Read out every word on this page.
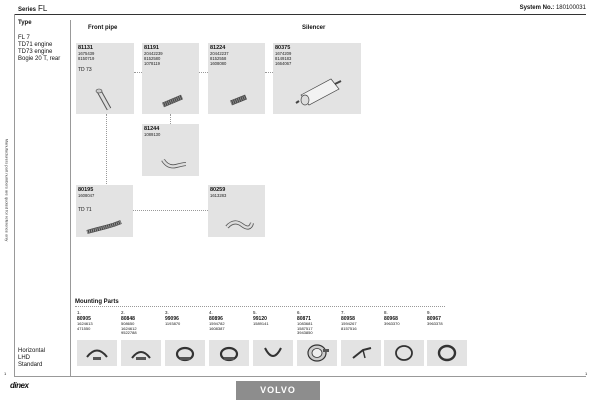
Series FL	System No.: 180100031
Manufacturers part numbers are quoted for reference only
Type
FL 7
TD71 engine
TD73 engine
Bogie 20 T, rear
Horizontal
LHD
Standard
Front pipe	Silencer
81131
1675439
8150719
TD 73
81191
20442239
8152580
1078119
81224
20442237
8152558
1608080
80375
1674209
8149183
1664067
81244
1089130
80195
1608047
TD 71
80259
1613283
Mounting Parts
1.
80905
1624613
471550
2.
80848
508650
1624612
9522788
3.
99096
1193870
4.
80896
1594782
1608387
5.
99120
1589141
6.
80871
1083681
1587517
3943850
7.
80958
1594267
8157516
8.
80968
3963370
9.
80967
3963378
1	1
dinex	VOLVO
